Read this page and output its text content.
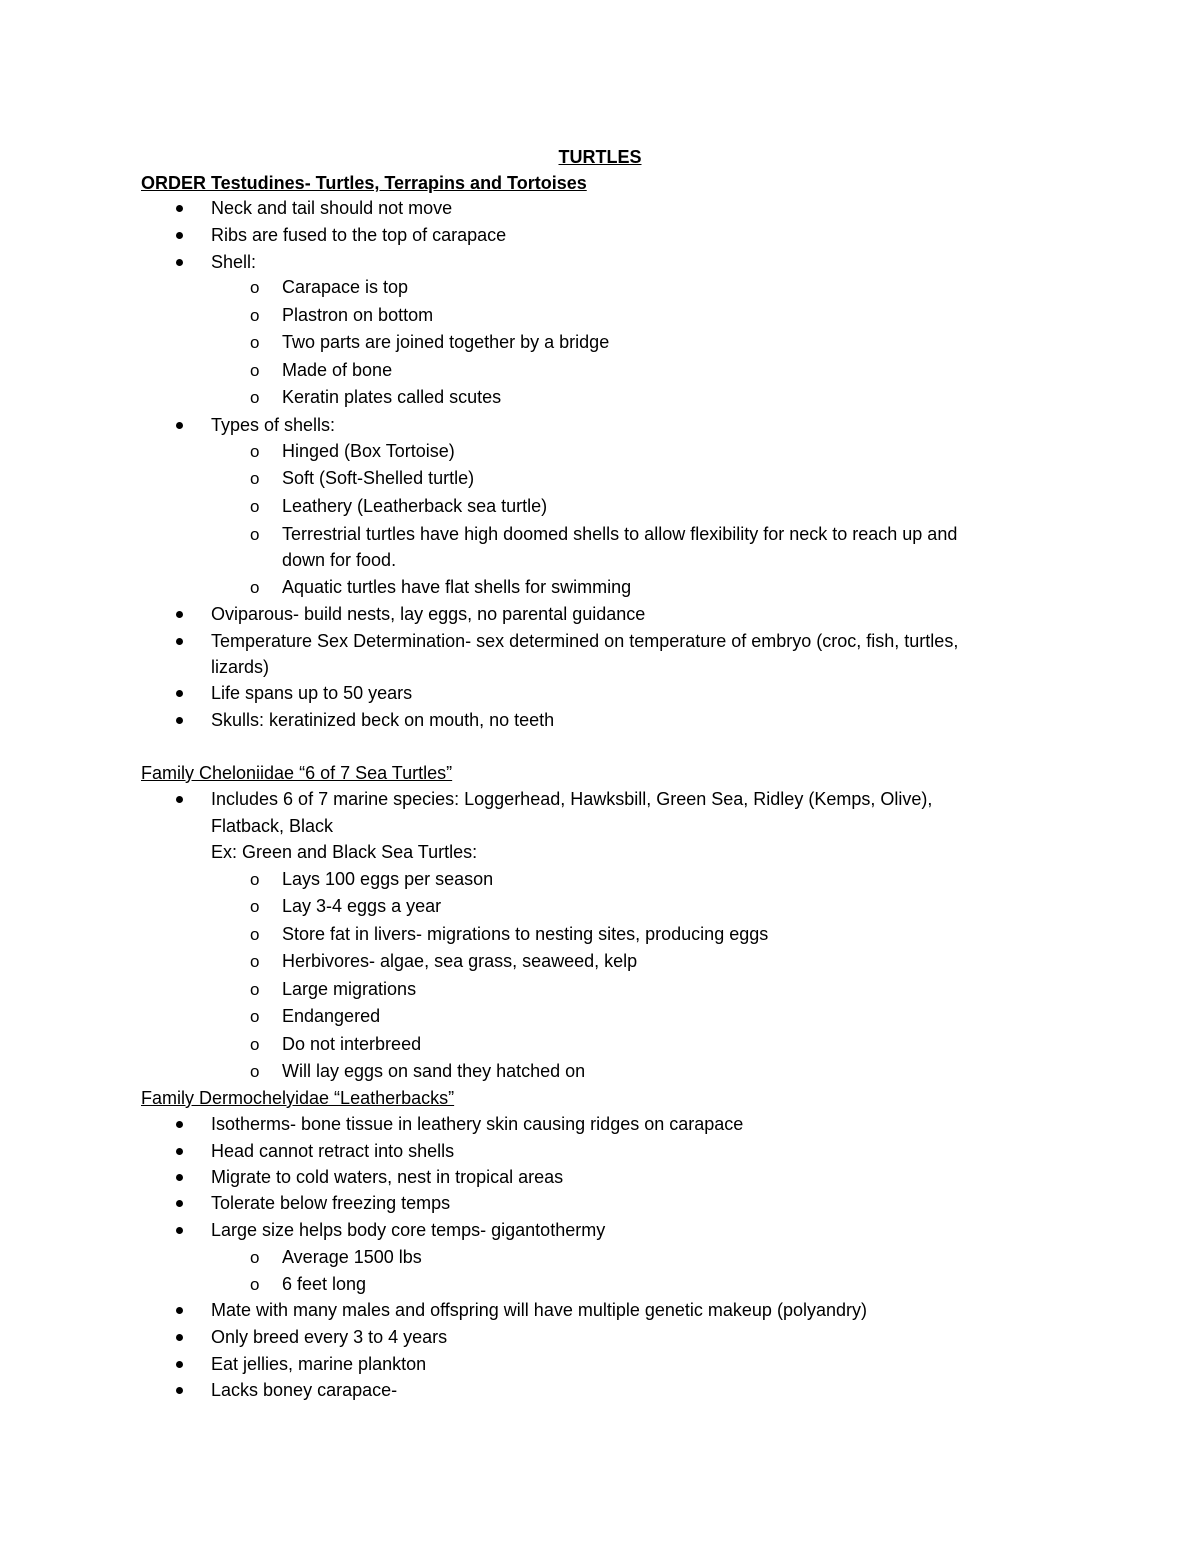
TURTLES
ORDER Testudines- Turtles, Terrapins and Tortoises
Neck and tail should not move
Ribs are fused to the top of carapace
Shell:
o Carapace is top
o Plastron on bottom
o Two parts are joined together by a bridge
o Made of bone
o Keratin plates called scutes
Types of shells:
o Hinged (Box Tortoise)
o Soft (Soft-Shelled turtle)
o Leathery (Leatherback sea turtle)
o Terrestrial turtles have high doomed shells to allow flexibility for neck to reach up and
down for food.
o Aquatic turtles have flat shells for swimming
Oviparous- build nests, lay eggs, no parental guidance
Temperature Sex Determination- sex determined on temperature of embryo (croc, fish, turtles,
lizards)
Life spans up to 50 years
Skulls: keratinized beck on mouth, no teeth
Family Cheloniidae “6 of 7 Sea Turtles”
Includes 6 of 7 marine species: Loggerhead, Hawksbill, Green Sea, Ridley (Kemps, Olive),
Flatback, Black
Ex: Green and Black Sea Turtles:
o Lays 100 eggs per season
o Lay 3-4 eggs a year
o Store fat in livers- migrations to nesting sites, producing eggs
o Herbivores- algae, sea grass, seaweed, kelp
o Large migrations
o Endangered
o Do not interbreed
o Will lay eggs on sand they hatched on
Family Dermochelyidae “Leatherbacks”
Isotherms- bone tissue in leathery skin causing ridges on carapace
Head cannot retract into shells
Migrate to cold waters, nest in tropical areas
Tolerate below freezing temps
Large size helps body core temps- gigantothermy
o Average 1500 lbs
o 6 feet long
Mate with many males and offspring will have multiple genetic makeup (polyandry)
Only breed every 3 to 4 years
Eat jellies, marine plankton
Lacks boney carapace-
